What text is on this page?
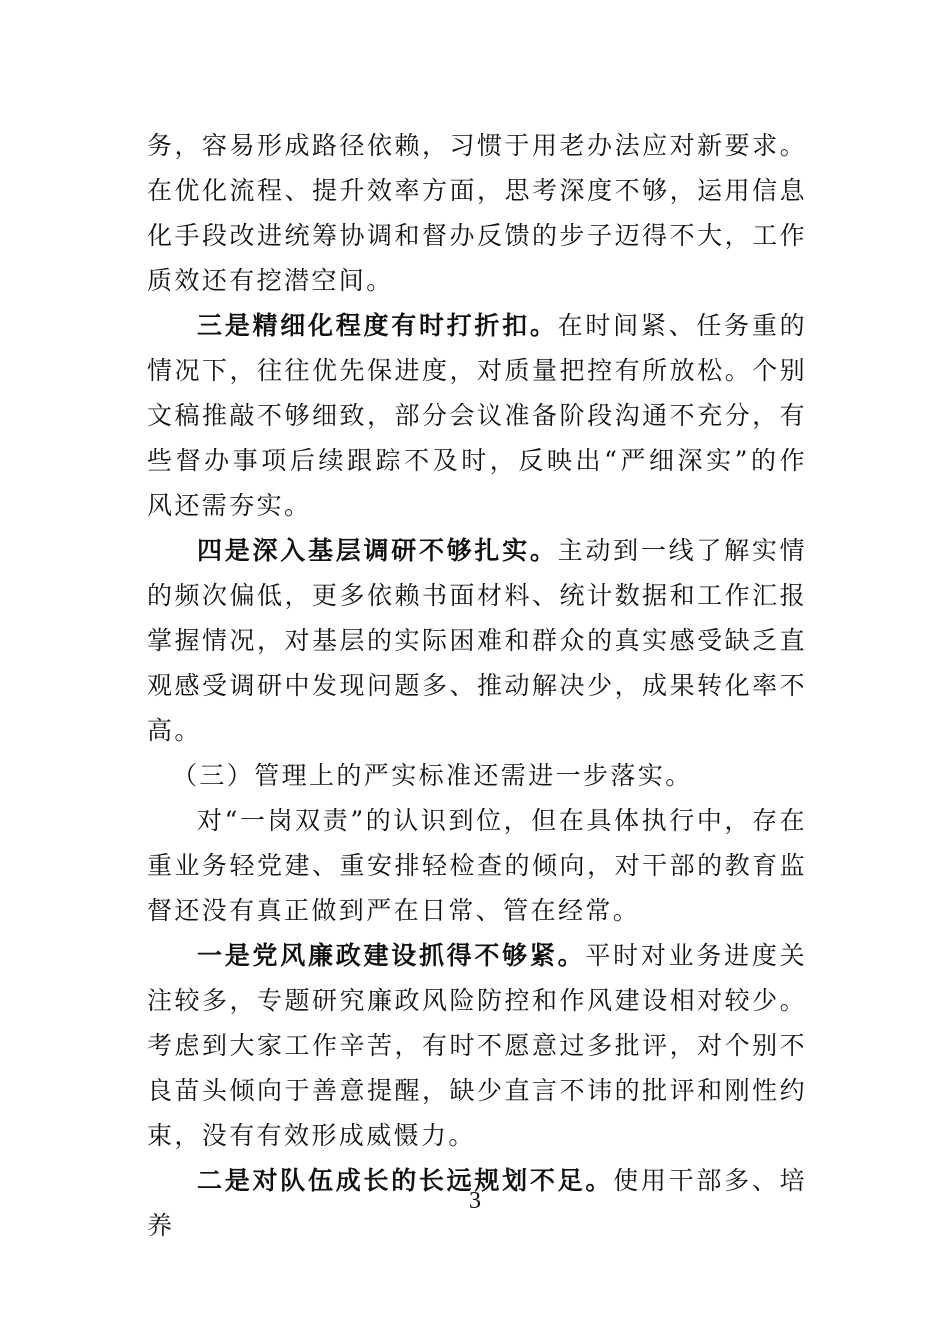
务，容易形成路径依赖，习惯于用老办法应对新要求。在优化流程、提升效率方面，思考深度不够，运用信息化手段改进统筹协调和督办反馈的步子迈得不大，工作质效还有挖潜空间。

三是精细化程度有时打折扣。在时间紧、任务重的情况下，往往优先保进度，对质量把控有所放松。个别文稿推敲不够细致，部分会议准备阶段沟通不充分，有些督办事项后续跟踪不及时，反映出“严细深实”的作风还需夯实。

四是深入基层调研不够扎实。主动到一线了解实情的频次偏低，更多依赖书面材料、统计数据和工作汇报掌握情况，对基层的实际困难和群众的真实感受缺乏直观感受调研中发现问题多、推动解决少，成果转化率不高。

（三）管理上的严实标准还需进一步落实。

对“一岗双责”的认识到位，但在具体执行中，存在重业务轻党建、重安排轻检查的倾向，对干部的教育监督还没有真正做到严在日常、管在经常。

一是党风廉政建设抓得不够紧。平时对业务进度关注较多，专题研究廉政风险防控和作风建设相对较少。考虑到大家工作辛苦，有时不愿意过多批评，对个别不良苗头倾向于善意提醒，缺少直言不讳的批评和刚性约束，没有有效形成威慑力。

二是对队伍成长的长远规划不足。使用干部多、培养

3
